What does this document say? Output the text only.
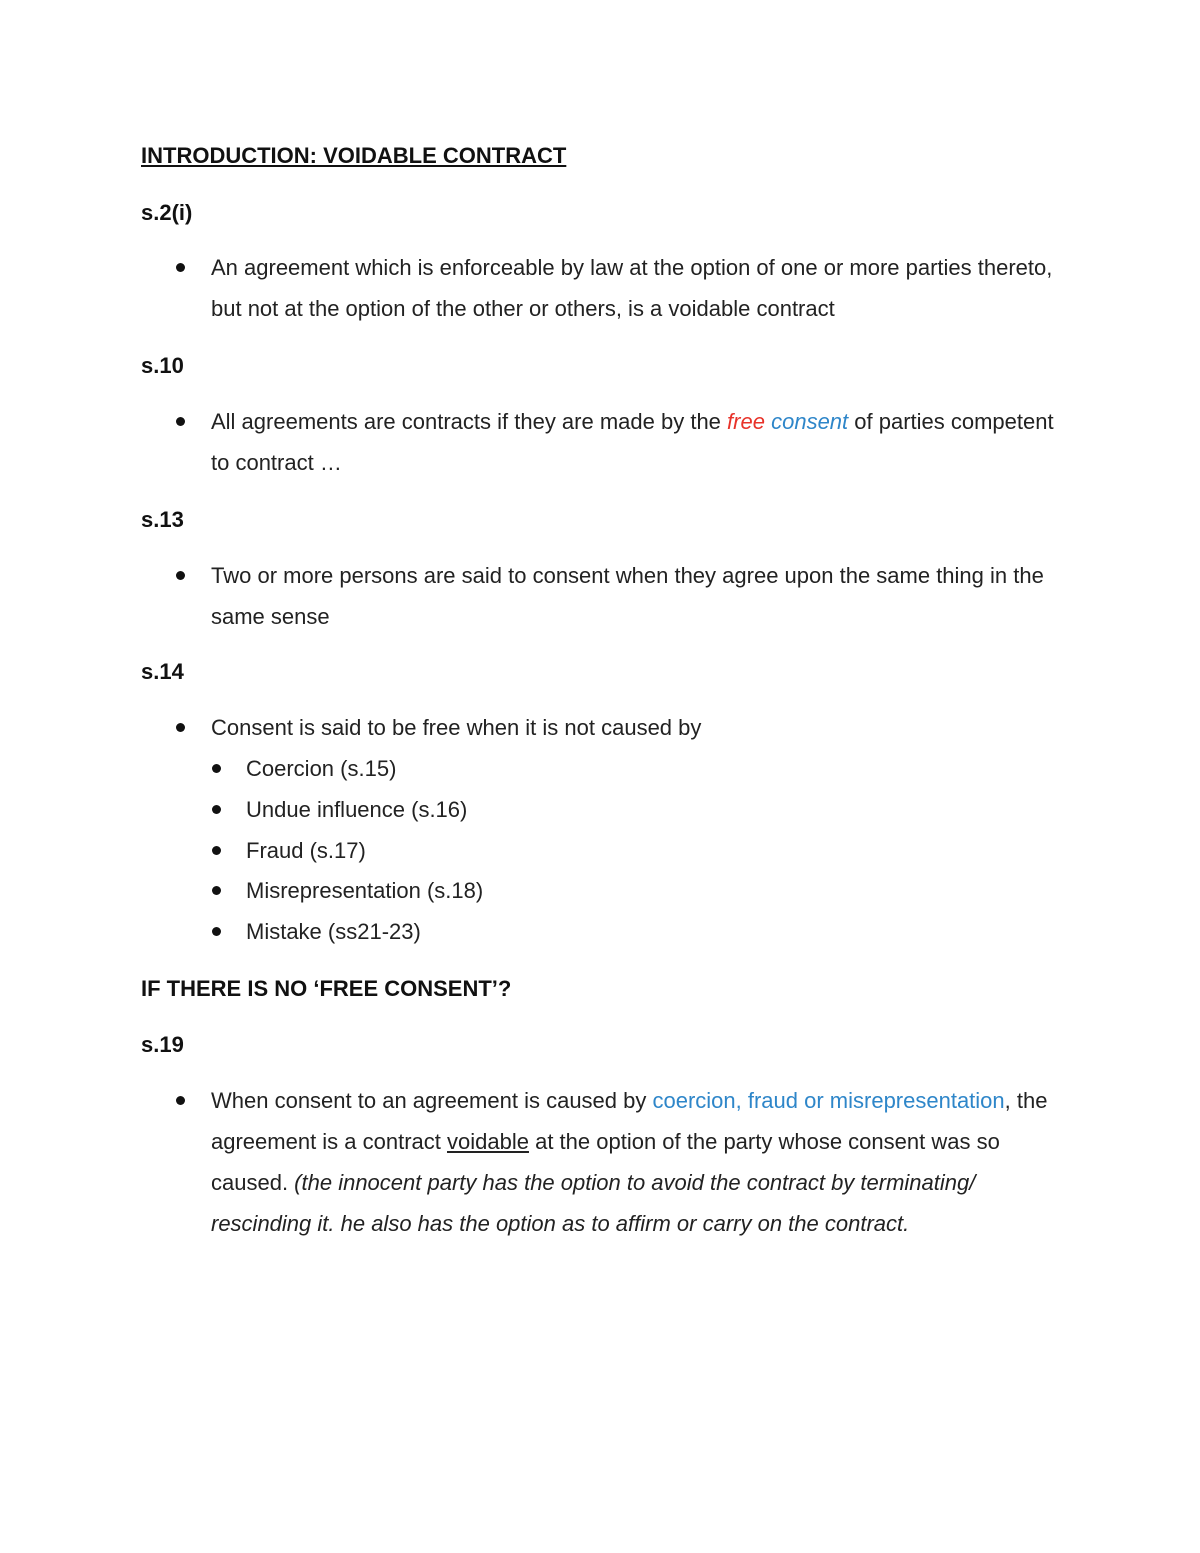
INTRODUCTION: VOIDABLE CONTRACT
s.2(i)
An agreement which is enforceable by law at the option of one or more parties thereto, but not at the option of the other or others, is a voidable contract
s.10
All agreements are contracts if they are made by the free consent of parties competent to contract …
s.13
Two or more persons are said to consent when they agree upon the same thing in the same sense
s.14
Consent is said to be free when it is not caused by
Coercion (s.15)
Undue influence (s.16)
Fraud (s.17)
Misrepresentation (s.18)
Mistake (ss21-23)
IF THERE IS NO ‘FREE CONSENT’?
s.19
When consent to an agreement is caused by coercion, fraud or misrepresentation, the agreement is a contract voidable at the option of the party whose consent was so caused. (the innocent party has the option to avoid the contract by terminating/ rescinding it. he also has the option as to affirm or carry on the contract.
